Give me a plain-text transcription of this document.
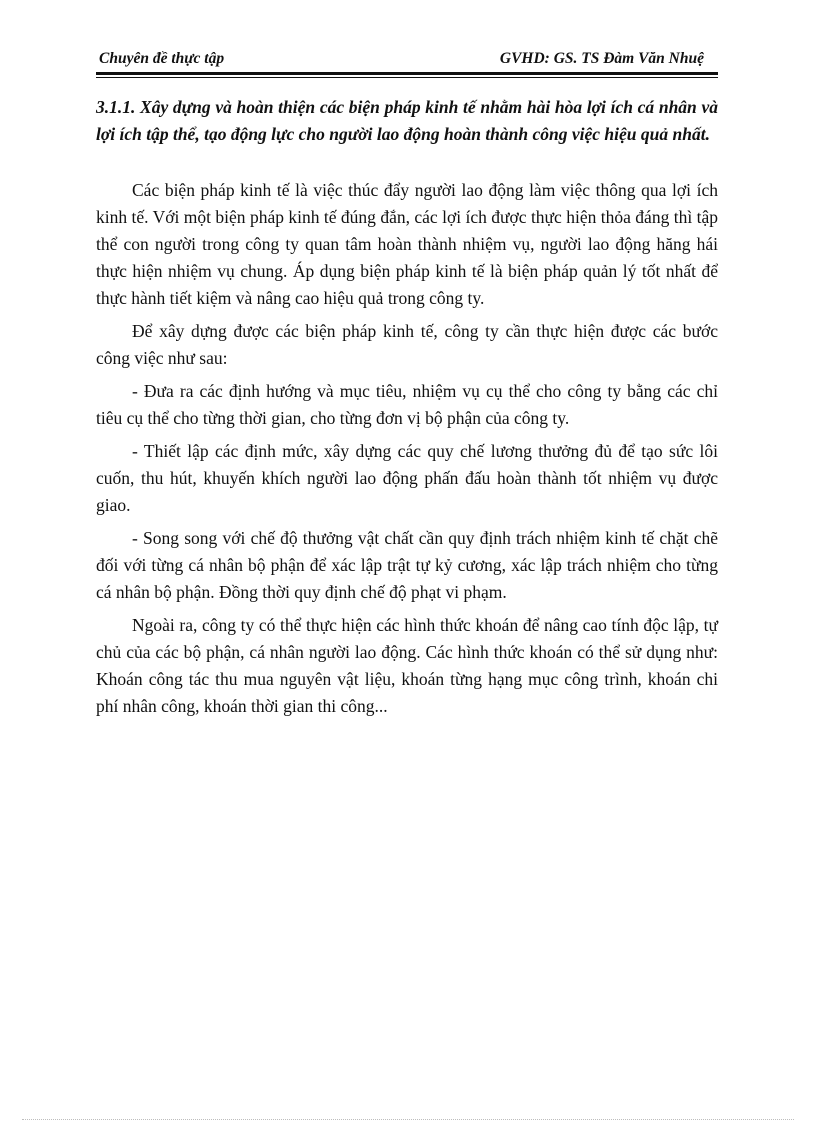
Chuyên đề thực tập	GVHD: GS. TS Đàm Văn Nhuệ
3.1.1. Xây dựng và hoàn thiện các biện pháp kinh tế nhằm hài hòa lợi ích cá nhân và lợi ích tập thể, tạo động lực cho người lao động hoàn thành công việc hiệu quả nhất.

Các biện pháp kinh tế là việc thúc đẩy người lao động làm việc thông qua lợi ích kinh tế. Với một biện pháp kinh tế đúng đắn, các lợi ích được thực hiện thỏa đáng thì tập thể con người trong công ty quan tâm hoàn thành nhiệm vụ, người lao động hăng hái thực hiện nhiệm vụ chung. Áp dụng biện pháp kinh tế là biện pháp quản lý tốt nhất để thực hành tiết kiệm và nâng cao hiệu quả trong công ty.

Để xây dựng được các biện pháp kinh tế, công ty cần thực hiện được các bước công việc như sau:

- Đưa ra các định hướng và mục tiêu, nhiệm vụ cụ thể cho công ty bằng các chỉ tiêu cụ thể cho từng thời gian, cho từng đơn vị bộ phận của công ty.

- Thiết lập các định mức, xây dựng các quy chế lương thưởng đủ để tạo sức lôi cuốn, thu hút, khuyến khích người lao động phấn đấu hoàn thành tốt nhiệm vụ được giao.

- Song song với chế độ thưởng vật chất cần quy định trách nhiệm kinh tế chặt chẽ đối với từng cá nhân bộ phận để xác lập trật tự kỷ cương, xác lập trách nhiệm cho từng cá nhân bộ phận. Đồng thời quy định chế độ phạt vi phạm.

Ngoài ra, công ty có thể thực hiện các hình thức khoán để nâng cao tính độc lập, tự chủ của các bộ phận, cá nhân người lao động. Các hình thức khoán có thể sử dụng như: Khoán công tác thu mua nguyên vật liệu, khoán từng hạng mục công trình, khoán chi phí nhân công, khoán thời gian thi công...
